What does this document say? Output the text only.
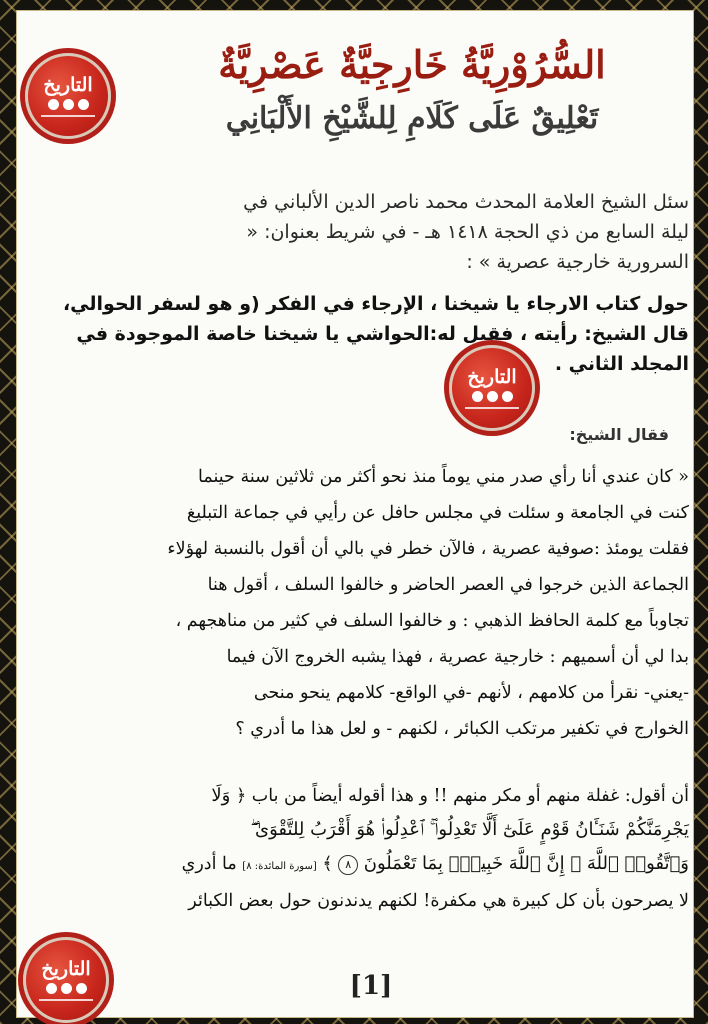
التاريخ	السُّرُوْرِيَّةُ خَارِجِيَّةٌ عَصْرِيَّةٌ
تَعْلِيقٌ عَلَى كَلَامِ لِلشَّيْخِ الأَلْبَانِي

سئل الشيخ العلامة المحدث محمد ناصر الدين الألباني في

ليلة السابع من ذي الحجة ١٤١٨ هـ - في شريط بعنوان: «

السرورية خارجية عصرية » :

حول كتاب الارجاء يا شيخنا ، الإرجاء في الفكر (و هو لسفر الحوالي،

قال الشيخ: رأيته ، فقيل له:الحواشي يا شيخنا خاصة الموجودة في

المجلد الثاني .

التاريخ
فقال الشيخ:

« كان عندي أنا رأي صدر مني يوماً منذ نحو أكثر من ثلاثين سنة حينما

كنت في الجامعة و سئلت في مجلس حافل عن رأيي في جماعة التبليغ

فقلت يومئذ :صوفية عصرية ، فالآن خطر في بالي أن أقول بالنسبة لهؤلاء

الجماعة الذين خرجوا في العصر الحاضر و خالفوا السلف ، أقول هنا

تجاوباً مع كلمة الحافظ الذهبي : و خالفوا السلف في كثير من مناهجهم ،

بدا لي أن أسميهم : خارجية عصرية ، فهذا يشبه الخروج الآن فيما

-يعني- نقرأ من كلامهم ، لأنهم -في الواقع- كلامهم ينحو منحى

الخوارج في تكفير مرتكب الكبائر ، لكنهم - و لعل هذا ما أدري ؟

أن أقول: غفلة منهم أو مكر منهم !! و هذا أقوله أيضاً من باب ﴿ وَلَا

يَجْرِمَنَّكُمْ شَنَـَٔانُ قَوْمٍ عَلَىٰٓ أَلَّا تَعْدِلُوا۟ ۚ ٱعْدِلُوا۟ هُوَ أَقْرَبُ لِلتَّقْوَىٰ ۖ

وَٱتَّقُوا۟ ٱللَّهَ ۚ إِنَّ ٱللَّهَ خَبِيرٌۢ بِمَا تَعْمَلُونَ ٨ ﴾ [سورة المائدة: ٨] ما أدري

لا يصرحون بأن كل كبيرة هي مكفرة! لكنهم يدندنون حول بعض الكبائر

التاريخ
[1]
